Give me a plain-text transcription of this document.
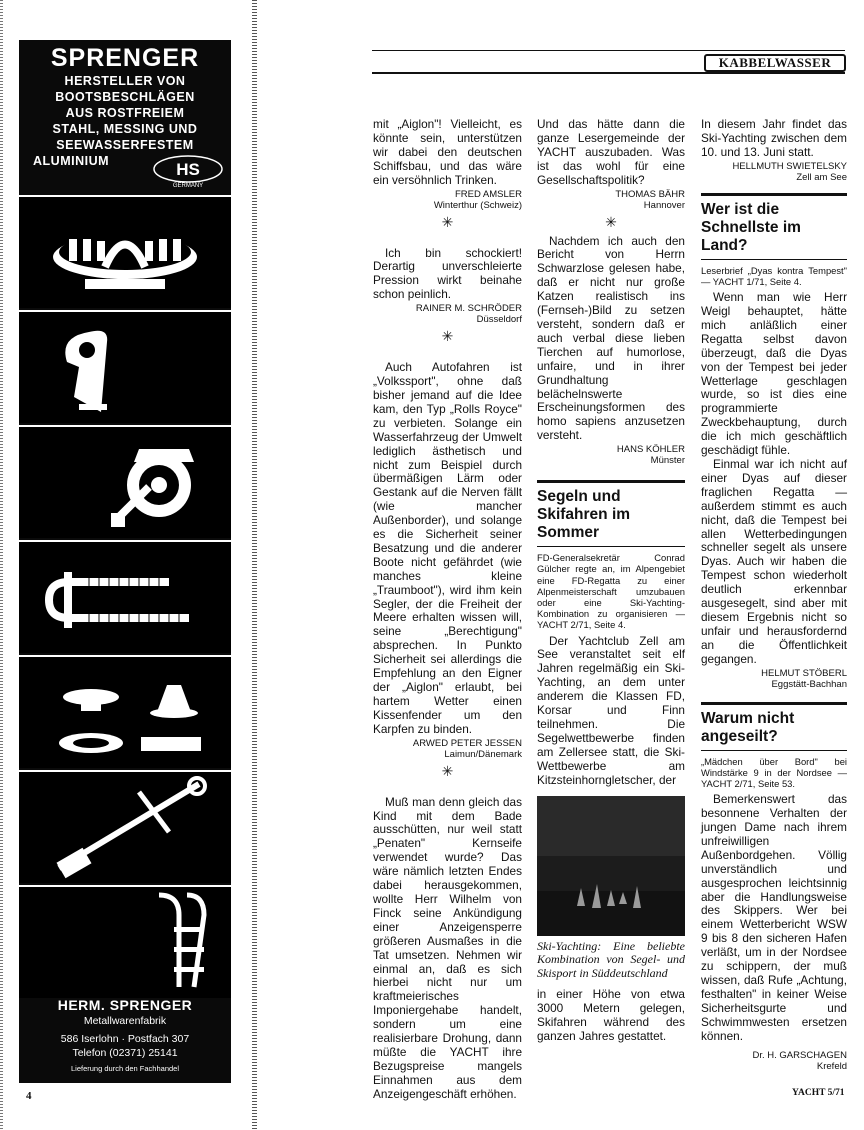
SPRENGER
HERSTELLER VON
BOOTSBESCHLÄGEN
AUS ROSTFREIEM
STAHL, MESSING UND
SEEWASSERFESTEM
ALUMINIUM	HS
GERMANY
HERM. SPRENGER
Metallwarenfabrik
586 Iserlohn · Postfach 307
Telefon (02371) 25141
Lieferung durch den Fachhandel
4
KABBELWASSER

mit „Aiglon"! Vielleicht, es könnte sein, unterstützen wir dabei den deutschen Schiffsbau, und das wäre ein versöhnlich Trinken.

FRED AMSLER
Winterthur (Schweiz)
✳

Ich bin schockiert! Derartig unverschleierte Pression wirkt beinahe schon peinlich.

RAINER M. SCHRÖDER
Düsseldorf
✳

Auch Autofahren ist „Volkssport", ohne daß bisher jemand auf die Idee kam, den Typ „Rolls Royce" zu verbieten. Solange ein Wasserfahrzeug der Umwelt lediglich ästhetisch und nicht zum Beispiel durch übermäßigen Lärm oder Gestank auf die Nerven fällt (wie mancher Außenborder), und solange es die Sicherheit seiner Besatzung und die anderer Boote nicht gefährdet (wie manches kleine „Traumboot"), wird ihm kein Segler, der die Freiheit der Meere erhalten wissen will, seine „Berechtigung" absprechen. In Punkto Sicherheit sei allerdings die Empfehlung an den Eigner der „Aiglon" erlaubt, bei hartem Wetter einen Kissenfender um den Karpfen zu binden.

ARWED PETER JESSEN
Laimun/Dänemark
✳

Muß man denn gleich das Kind mit dem Bade ausschütten, nur weil statt „Penaten" Kernseife verwendet wurde? Das wäre nämlich letzten Endes dabei herausgekommen, wollte Herr Wilhelm von Finck seine Ankündigung einer Anzeigensperre größeren Ausmaßes in die Tat umsetzen. Nehmen wir einmal an, daß es sich hierbei nicht nur um kraftmeierisches Imponiergehabe handelt, sondern um eine realisierbare Drohung, dann müßte die YACHT ihre Bezugspreise mangels Einnahmen aus dem Anzeigengeschäft erhöhen.

Und das hätte dann die ganze Lesergemeinde der YACHT auszubaden. Was ist das wohl für eine Gesellschaftspolitik?

THOMAS BÄHR
Hannover
✳

Nachdem ich auch den Bericht von Herrn Schwarzlose gelesen habe, daß er nicht nur große Katzen realistisch ins (Fernseh-)Bild zu setzen versteht, sondern daß er auch verbal diese lieben Tierchen auf humorlose, unfaire, und in ihrer Grundhaltung belächelnswerte Erscheinungsformen des homo sapiens anzusetzen versteht.

HANS KÖHLER
Münster
Segeln und Skifahren im Sommer

FD-Generalsekretär Conrad Gülcher regte an, im Alpengebiet eine FD-Regatta zu einer Alpenmeisterschaft umzubauen oder eine Ski-Yachting-Kombination zu organisieren — YACHT 2/71, Seite 4.

Der Yachtclub Zell am See veranstaltet seit elf Jahren regelmäßig ein Ski-Yachting, an dem unter anderem die Klassen FD, Korsar und Finn teilnehmen. Die Segelwettbewerbe finden am Zellersee statt, die Ski-Wettbewerbe am Kitzsteinhorngletscher, der

Ski-Yachting: Eine beliebte Kombination von Segel- und Skisport in Süddeutschland

in einer Höhe von etwa 3000 Metern gelegen, Skifahren während des ganzen Jahres gestattet.

In diesem Jahr findet das Ski-Yachting zwischen dem 10. und 13. Juni statt.

HELLMUTH SWIETELSKY
Zell am See
Wer ist die Schnellste im Land?

Leserbrief „Dyas kontra Tempest" — YACHT 1/71, Seite 4.

Wenn man wie Herr Weigl behauptet, hätte mich anläßlich einer Regatta selbst davon überzeugt, daß die Dyas von der Tempest bei jeder Wetterlage geschlagen wurde, so ist dies eine programmierte Zweckbehauptung, durch die ich mich geschäftlich geschädigt fühle.

Einmal war ich nicht auf einer Dyas auf dieser fraglichen Regatta — außerdem stimmt es auch nicht, daß die Tempest bei allen Wetterbedingungen schneller segelt als unsere Dyas. Auch wir haben die Tempest schon wiederholt deutlich erkennbar ausgesegelt, sind aber mit diesem Ergebnis nicht so unfair und herausfordernd an die Öffentlichkeit gegangen.

HELMUT STÖBERL
Eggstätt-Bachhan
Warum nicht angeseilt?

„Mädchen über Bord" bei Windstärke 9 in der Nordsee — YACHT 2/71, Seite 53.

Bemerkenswert das besonnene Verhalten der jungen Dame nach ihrem unfreiwilligen Außenbordgehen. Völlig unverständlich und ausgesprochen leichtsinnig aber die Handlungsweise des Skippers. Wer bei einem Wetterbericht WSW 9 bis 8 den sicheren Hafen verläßt, um in der Nordsee zu schippern, der muß wissen, daß Rufe „Achtung, festhalten" in keiner Weise Sicherheitsgurte und Schwimmwesten ersetzen können.

Dr. H. GARSCHAGEN
Krefeld
YACHT 5/71
